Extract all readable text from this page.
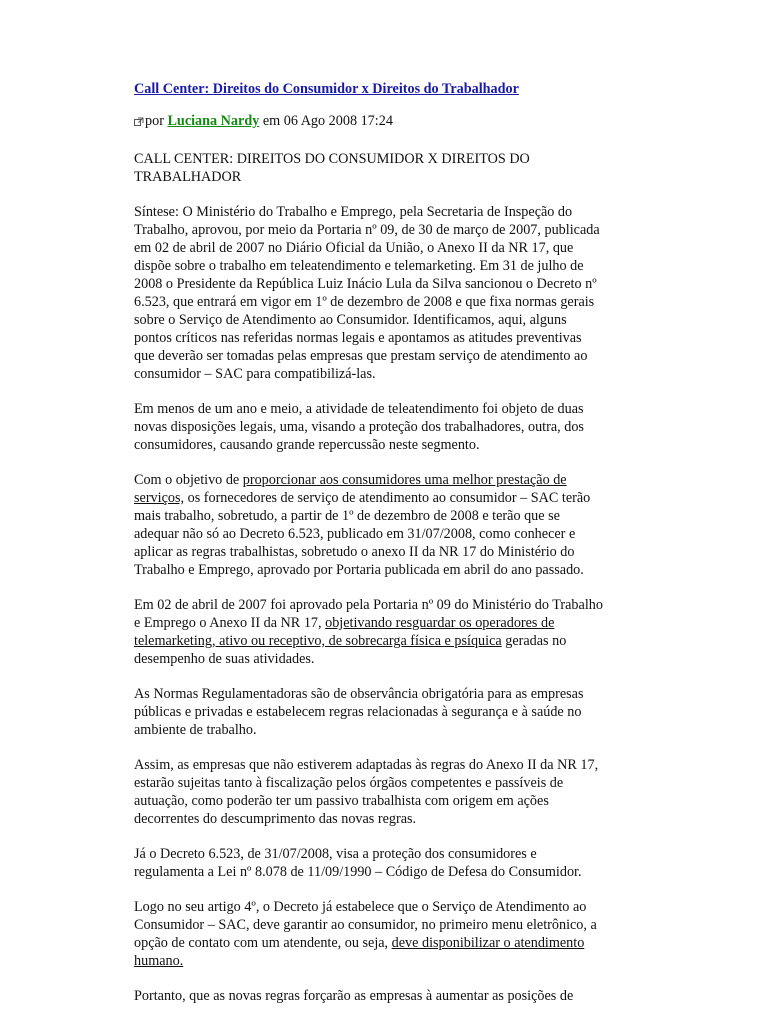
Call Center: Direitos do Consumidor x Direitos do Trabalhador
por Luciana Nardy em 06 Ago 2008 17:24

CALL CENTER: DIREITOS DO CONSUMIDOR X DIREITOS DO TRABALHADOR

Síntese: O Ministério do Trabalho e Emprego, pela Secretaria de Inspeção do Trabalho, aprovou, por meio da Portaria nº 09, de 30 de março de 2007, publicada em 02 de abril de 2007 no Diário Oficial da União, o Anexo II da NR 17, que dispõe sobre o trabalho em teleatendimento e telemarketing. Em 31 de julho de 2008 o Presidente da República Luiz Inácio Lula da Silva sancionou o Decreto nº 6.523, que entrará em vigor em 1º de dezembro de 2008 e que fixa normas gerais sobre o Serviço de Atendimento ao Consumidor. Identificamos, aqui, alguns pontos críticos nas referidas normas legais e apontamos as atitudes preventivas que deverão ser tomadas pelas empresas que prestam serviço de atendimento ao consumidor – SAC para compatibilizá-las.

Em menos de um ano e meio, a atividade de teleatendimento foi objeto de duas novas disposições legais, uma, visando a proteção dos trabalhadores, outra, dos consumidores, causando grande repercussão neste segmento.

Com o objetivo de proporcionar aos consumidores uma melhor prestação de serviços, os fornecedores de serviço de atendimento ao consumidor – SAC terão mais trabalho, sobretudo, a partir de 1º de dezembro de 2008 e terão que se adequar não só ao Decreto 6.523, publicado em 31/07/2008, como conhecer e aplicar as regras trabalhistas, sobretudo o anexo II da NR 17 do Ministério do Trabalho e Emprego, aprovado por Portaria publicada em abril do ano passado.

Em 02 de abril de 2007 foi aprovado pela Portaria nº 09 do Ministério do Trabalho e Emprego o Anexo II da NR 17, objetivando resguardar os operadores de telemarketing, ativo ou receptivo, de sobrecarga física e psíquica geradas no desempenho de suas atividades.

As Normas Regulamentadoras são de observância obrigatória para as empresas públicas e privadas e estabelecem regras relacionadas à segurança e à saúde no ambiente de trabalho.

Assim, as empresas que não estiverem adaptadas às regras do Anexo II da NR 17, estarão sujeitas tanto à fiscalização pelos órgãos competentes e passíveis de autuação, como poderão ter um passivo trabalhista com origem em ações decorrentes do descumprimento das novas regras.

Já o Decreto 6.523, de 31/07/2008, visa a proteção dos consumidores e regulamenta a Lei nº 8.078 de 11/09/1990 – Código de Defesa do Consumidor.

Logo no seu artigo 4º, o Decreto já estabelece que o Serviço de Atendimento ao Consumidor – SAC, deve garantir ao consumidor, no primeiro menu eletrônico, a opção de contato com um atendente, ou seja, deve disponibilizar o atendimento humano.

Portanto, que as novas regras forçarão as empresas à aumentar as posições de
